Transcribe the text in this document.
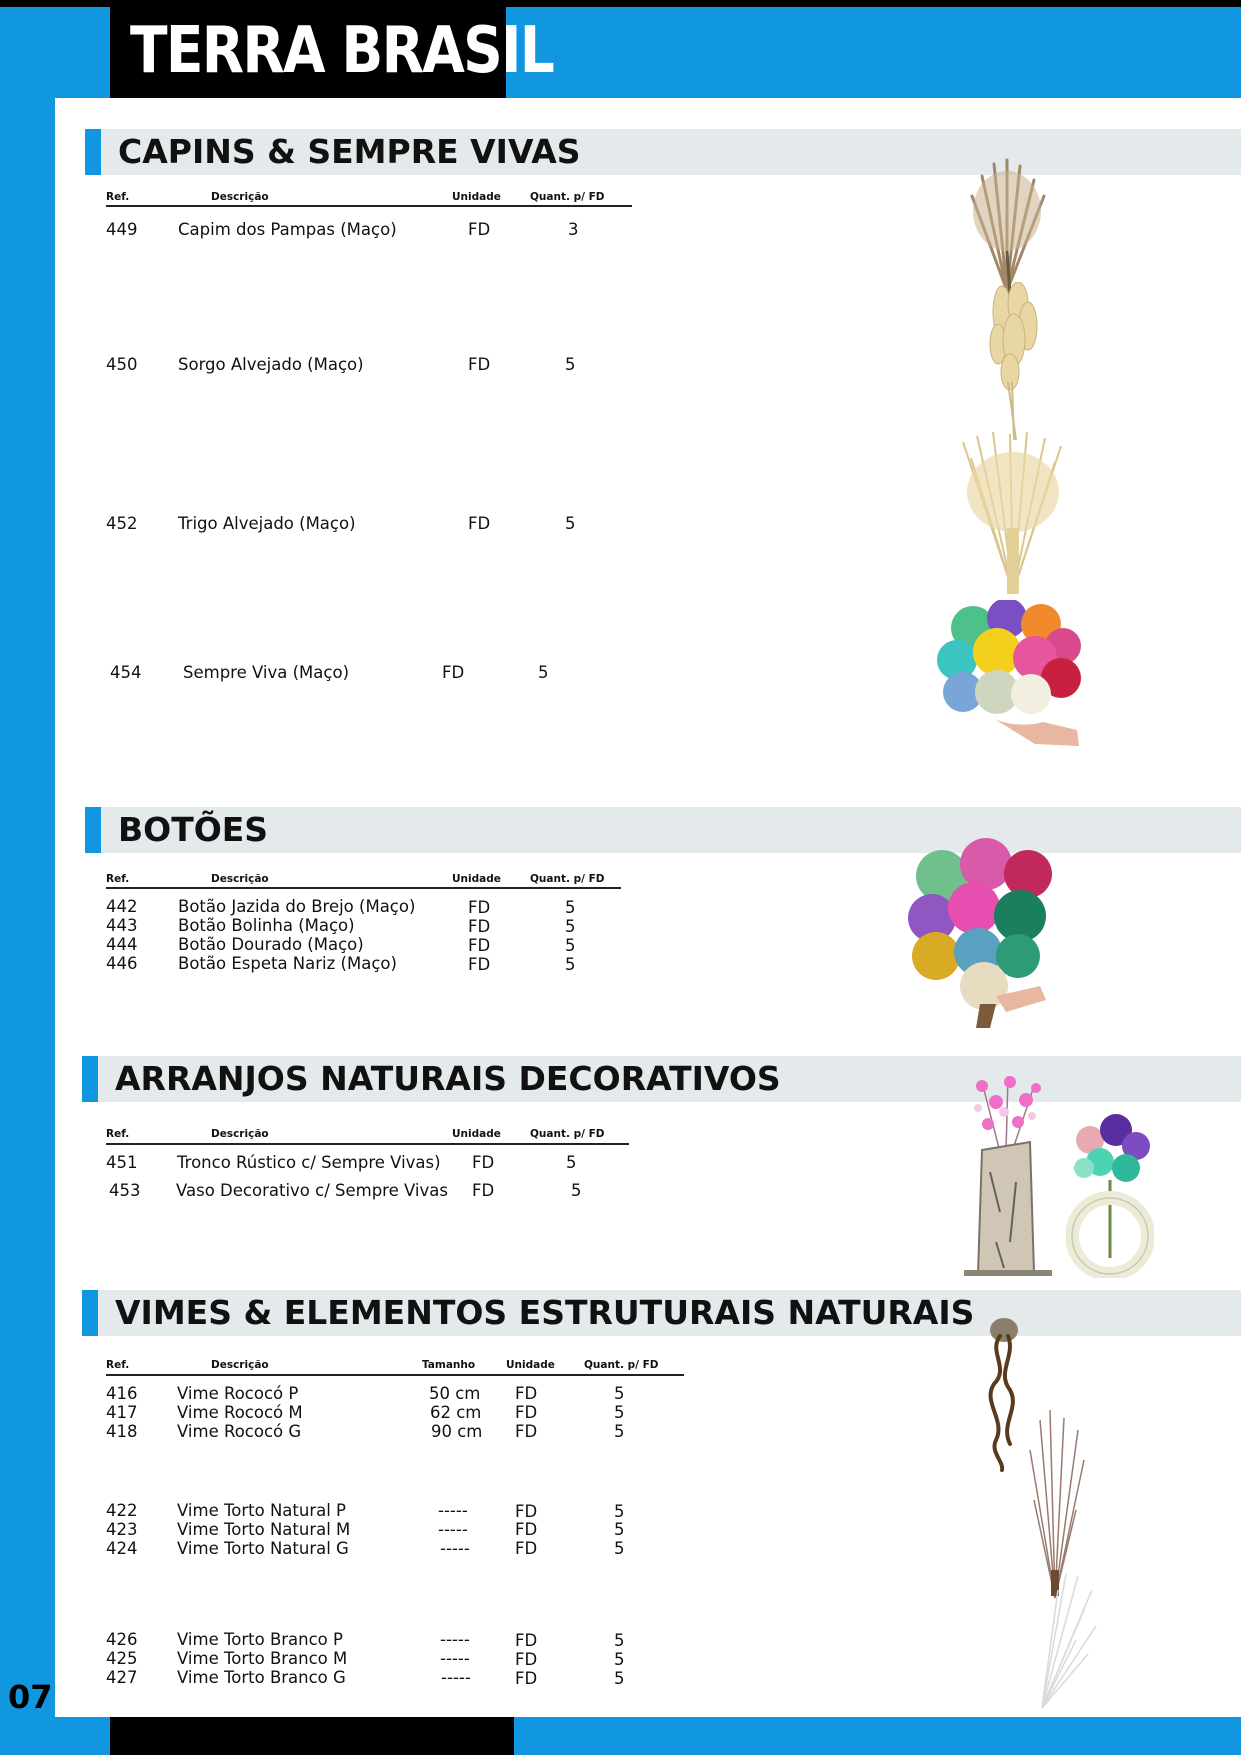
TERRA BRASIL
07
CAPINS & SEMPRE VIVAS
Ref.	Descrição	Unidade	Quant. p/ FD
449 Capim dos Pampas (Maço)	FD	3
450 Sorgo Alvejado (Maço)	FD	5
452 Trigo Alvejado (Maço)	FD	5
454	Sempre Viva (Maço)	FD	5
BOTÕES
Ref.	Descrição	Unidade	Quant. p/ FD
442 Botão Jazida do Brejo (Maço)	FD	5
443 Botão Bolinha (Maço)	FD	5
444 Botão Dourado (Maço)	FD	5
446 Botão Espeta Nariz (Maço)	FD	5
ARRANJOS NATURAIS DECORATIVOS
Ref.	Descrição	Unidade	Quant. p/ FD
451 Tronco Rústico c/ Sempre Vivas) FD	5
453 Vaso Decorativo c/ Sempre Vivas FD	5
VIMES & ELEMENTOS ESTRUTURAIS NATURAIS
Ref.	Descrição	Tamanho	Unidade	Quant. p/ FD
416 Vime Rococó P	50 cm FD	5
417 Vime Rococó M	62 cm FD	5
418 Vime Rococó G	90 cm FD	5
422 Vime Torto Natural P	-----	FD	5
423 Vime Torto Natural M	-----	FD	5
424 Vime Torto Natural G	-----	FD	5
426 Vime Torto Branco P	-----	FD	5
425 Vime Torto Branco M	-----	FD	5
427 Vime Torto Branco G	-----	FD	5
